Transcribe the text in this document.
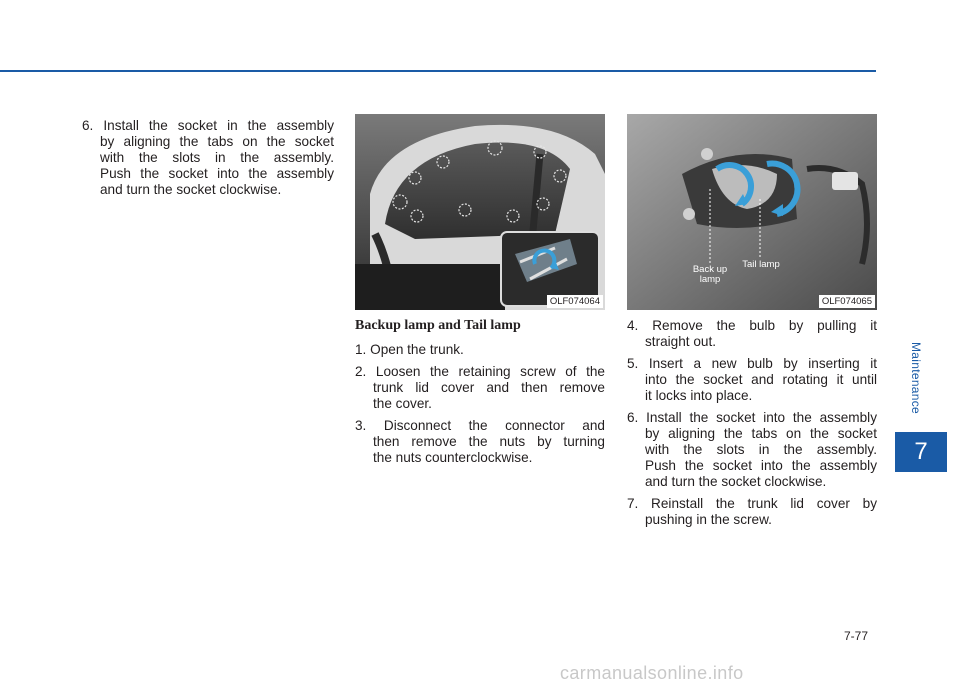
Maintenance
7
6. Install the socket in the assembly
by aligning the tabs on the socket
with the slots in the assembly.
Push the socket into the assembly
and turn the socket clockwise.
OLF074064
Back up lamp
Tail lamp
OLF074065
Backup lamp and Tail lamp
1. Open the trunk.
2. Loosen the retaining screw of the
trunk lid cover and then remove
the cover.
3. Disconnect the connector and
then remove the nuts by turning
the nuts counterclockwise.
4. Remove the bulb by pulling it
straight out.
5. Insert a new bulb by inserting it
into the socket and rotating it until
it locks into place.
6. Install the socket into the assembly
by aligning the tabs on the socket
with the slots in the assembly.
Push the socket into the assembly
and turn the socket clockwise.
7. Reinstall the trunk lid cover by
pushing in the screw.
7-77
carmanualsonline.info
